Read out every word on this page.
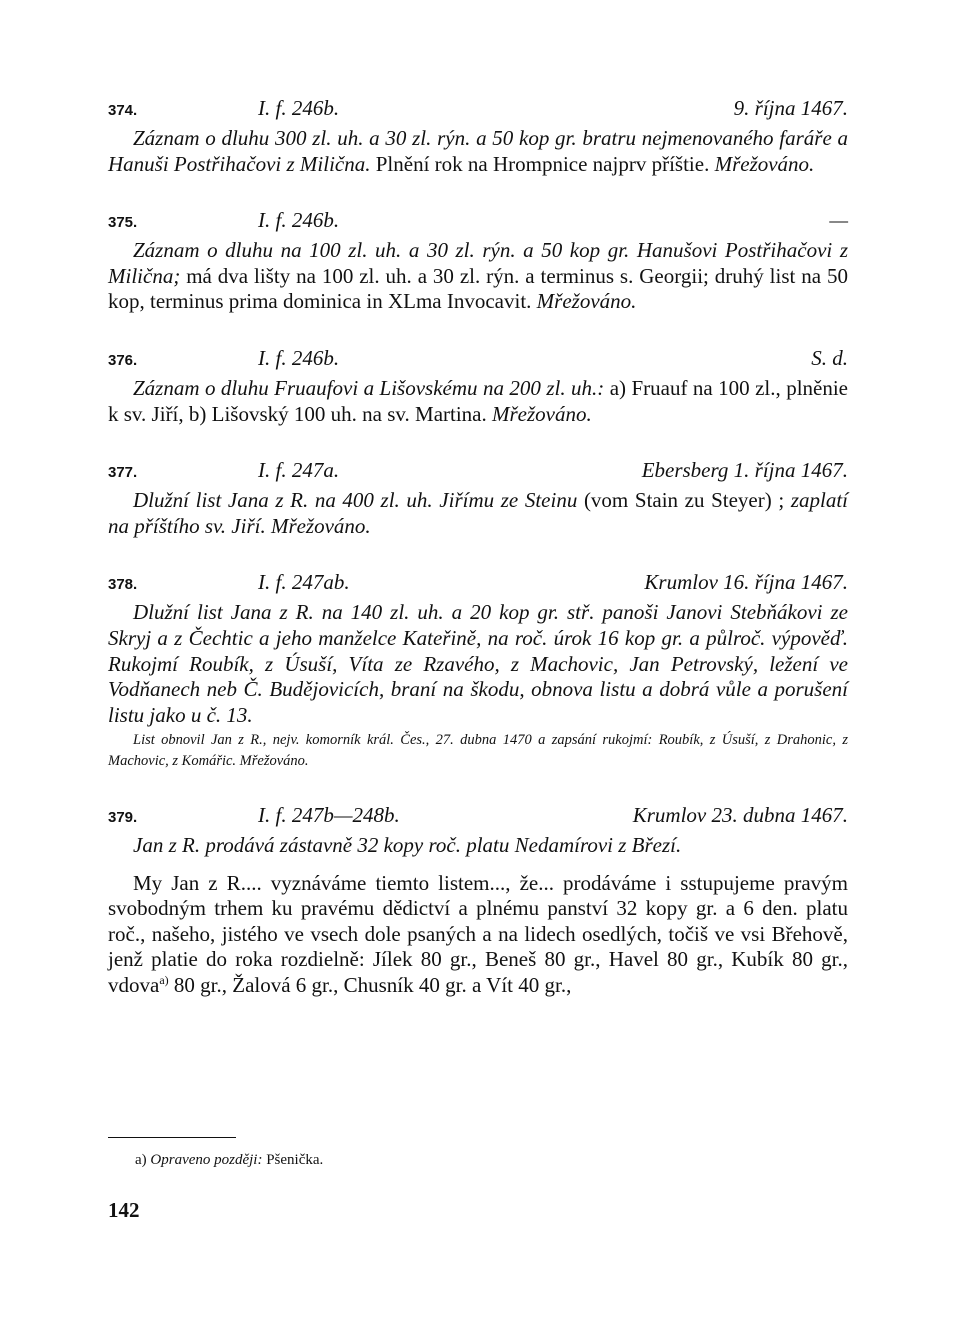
374.	I. f. 246b.	9. října 1467.

Záznam o dluhu 300 zl. uh. a 30 zl. rýn. a 50 kop gr. bratru nejmenovaného faráře a Hanuši Postřihačovi z Milična. Plnění rok na Hrompnice najprv příštie. Mřežováno.

375.	I. f. 246b.	—

Záznam o dluhu na 100 zl. uh. a 30 zl. rýn. a 50 kop gr. Hanušovi Postřihačovi z Milična; má dva lišty na 100 zl. uh. a 30 zl. rýn. a terminus s. Georgii; druhý list na 50 kop, terminus prima dominica in XLma Invocavit. Mřežováno.

376.	I. f. 246b.	S. d.

Záznam o dluhu Fruaufovi a Lišovskému na 200 zl. uh.: a) Fruauf na 100 zl., plněnie k sv. Jiří, b) Lišovský 100 uh. na sv. Martina. Mřežováno.

377.	I. f. 247a.	Ebersberg 1. října 1467.

Dlužní list Jana z R. na 400 zl. uh. Jiřímu ze Steinu (vom Stain zu Steyer) ; zaplatí na příštího sv. Jiří. Mřežováno.

378.	I. f. 247ab.	Krumlov 16. října 1467.

Dlužní list Jana z R. na 140 zl. uh. a 20 kop gr. stř. panoši Janovi Stebňákovi ze Skryj a z Čechtic a jeho manželce Kateřině, na roč. úrok 16 kop gr. a půlroč. výpověď. Rukojmí Roubík, z Úsuší, Víta ze Rzavého, z Machovic, Jan Petrovský, ležení ve Vodňanech neb Č. Budějovicích, braní na škodu, obnova listu a dobrá vůle a porušení listu jako u č. 13.

List obnovil Jan z R., nejv. komorník král. Čes., 27. dubna 1470 a zapsání rukojmí: Roubík, z Úsuší, z Drahonic, z Machovic, z Komářic. Mřežováno.

379.	I. f. 247b—248b.	Krumlov 23. dubna 1467.

Jan z R. prodává zástavně 32 kopy roč. platu Nedamírovi z Březí.

My Jan z R.... vyznáváme tiemto listem..., že... prodáváme i sstupujeme pravým svobodným trhem ku pravému dědictví a plnému panství 32 kopy gr. a 6 den. platu roč., našeho, jistého ve vsech dole psaných a na lidech osedlých, točiš ve vsi Břehově, jenž platie do roka rozdielně: Jílek 80 gr., Beneš 80 gr., Havel 80 gr., Kubík 80 gr., vdova$^{a)}$ 80 gr., Žalová 6 gr., Chusník 40 gr. a Vít 40 gr.,

a) Opraveno později: Pšenička.
142
